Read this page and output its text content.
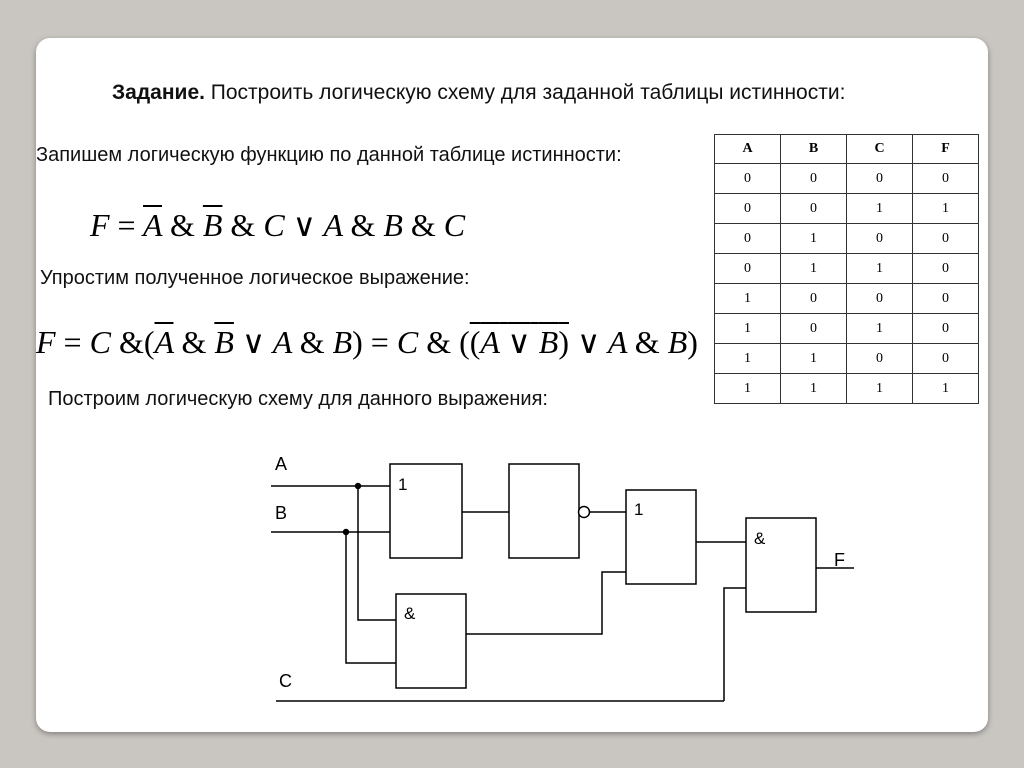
Задание. Построить логическую схему для заданной таблицы истинности:
Запишем логическую функцию по данной таблице истинности:
$F = \overline{A}$ & $\overline{B}$ & C ∨ A & B & C
Упростим полученное логическое выражение:
F = C $\&(\overline{A}$ & $\overline{B}$ ∨ A & B) = C & ((A ∨ B) ∨ A & B)
Построим логическую схему для данного выражения:
A	B	C	F
0	0	0	0
0	0	1	1
0	1	0	0
0	1	1	0
1	0	0	0
1	0	1	0
1	1	0	0
1	1	1	1
A
B
C
F
1
&
1
&
